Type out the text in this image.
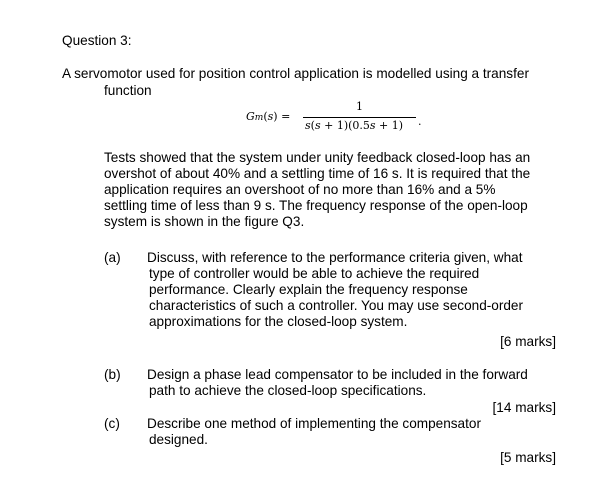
Question 3:
A servomotor used for position control application is modelled using a transfer
function
Gm(s) =
1
s(s + 1)(0.5s + 1) .
Tests showed that the system under unity feedback closed-loop has an
overshot of about 40% and a settling time of 16 s. It is required that the
application requires an overshoot of no more than 16% and a 5%
settling time of less than 9 s. The frequency response of the open-loop
system is shown in the figure Q3.
(a) Discuss, with reference to the performance criteria given, what
type of controller would be able to achieve the required
performance. Clearly explain the frequency response
characteristics of such a controller. You may use second-order
approximations for the closed-loop system.
[6 marks]
(b) Design a phase lead compensator to be included in the forward
path to achieve the closed-loop specifications.
[14 marks]
(c) Describe one method of implementing the compensator
designed.
[5 marks]
